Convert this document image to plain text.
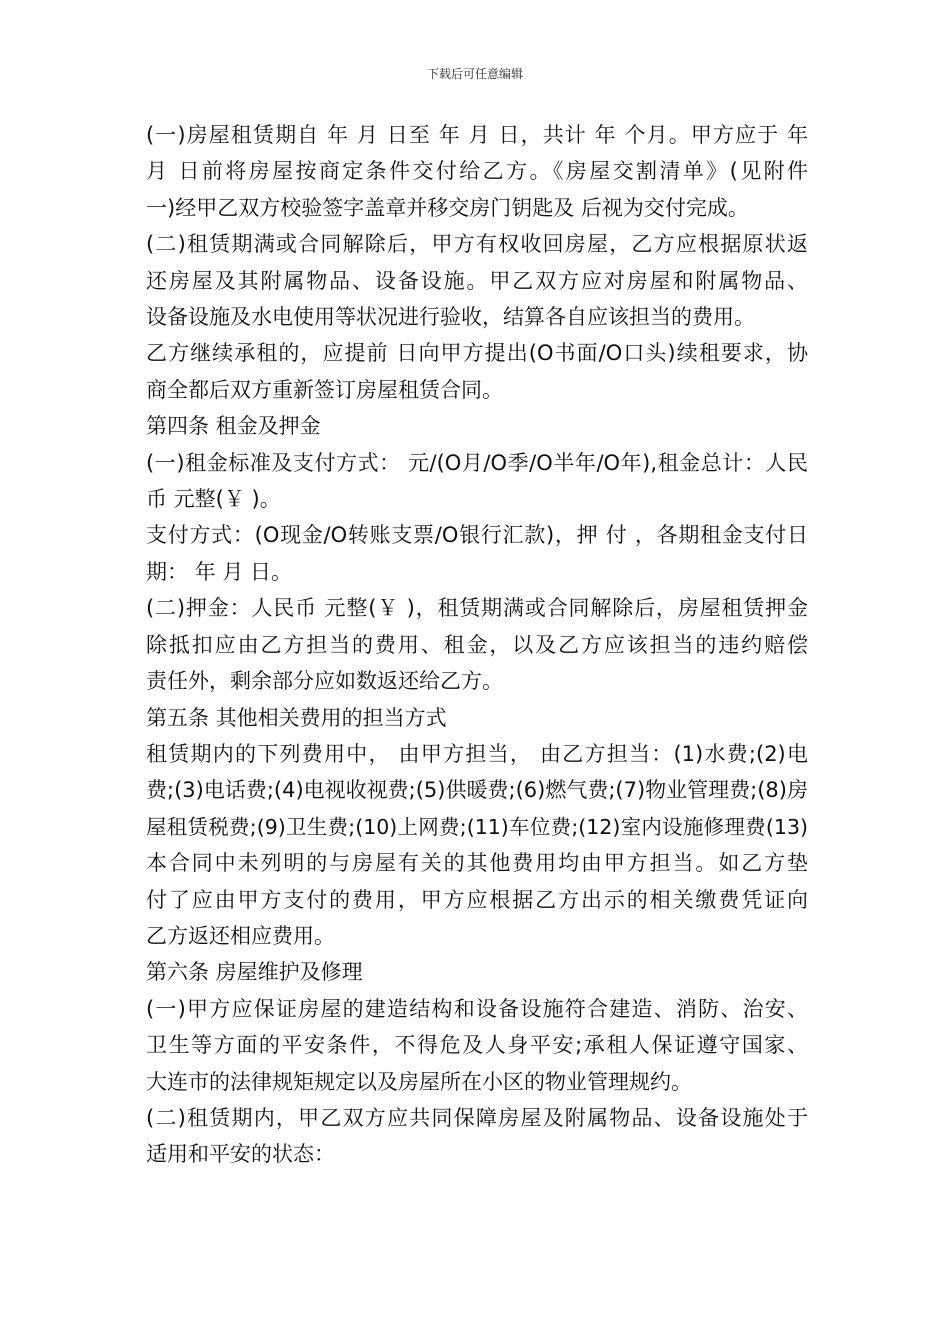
下载后可任意编辑
(一)房屋租赁期自 年 月 日至 年 月 日，共计 年 个月。甲方应于 年
月 日前将房屋按商定条件交付给乙方。《房屋交割清单》(见附件
一)经甲乙双方校验签字盖章并移交房门钥匙及 后视为交付完成。
(二)租赁期满或合同解除后，甲方有权收回房屋，乙方应根据原状返
还房屋及其附属物品、设备设施。甲乙双方应对房屋和附属物品、
设备设施及水电使用等状况进行验收，结算各自应该担当的费用。
乙方继续承租的，应提前 日向甲方提出(O书面/O口头)续租要求，协
商全都后双方重新签订房屋租赁合同。
第四条 租金及押金
(一)租金标准及支付方式： 元/(O月/O季/O半年/O年),租金总计：人民
币 元整(￥ )。
支付方式：(O现金/O转账支票/O银行汇款)，押 付 ，各期租金支付日
期： 年 月 日。
(二)押金：人民币 元整(￥ )，租赁期满或合同解除后，房屋租赁押金
除抵扣应由乙方担当的费用、租金，以及乙方应该担当的违约赔偿
责任外，剩余部分应如数返还给乙方。
第五条 其他相关费用的担当方式
租赁期内的下列费用中， 由甲方担当， 由乙方担当：(1)水费;(2)电
费;(3)电话费;(4)电视收视费;(5)供暖费;(6)燃气费;(7)物业管理费;(8)房
屋租赁税费;(9)卫生费;(10)上网费;(11)车位费;(12)室内设施修理费(13)
本合同中未列明的与房屋有关的其他费用均由甲方担当。如乙方垫
付了应由甲方支付的费用，甲方应根据乙方出示的相关缴费凭证向
乙方返还相应费用。
第六条 房屋维护及修理
(一)甲方应保证房屋的建造结构和设备设施符合建造、消防、治安、
卫生等方面的平安条件，不得危及人身平安;承租人保证遵守国家、
大连市的法律规矩规定以及房屋所在小区的物业管理规约。
(二)租赁期内，甲乙双方应共同保障房屋及附属物品、设备设施处于
适用和平安的状态：
